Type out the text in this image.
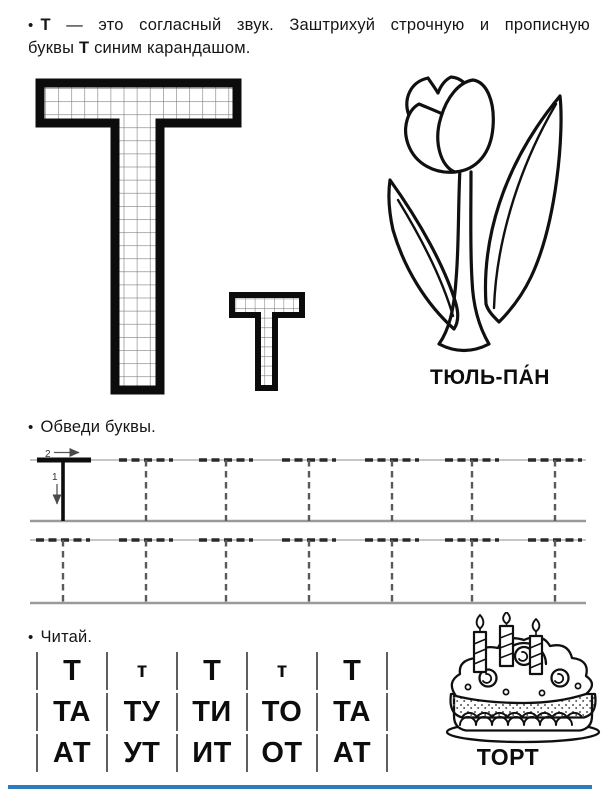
• Т — это согласный звук. Заштрихуй строчную и прописную
буквы Т синим карандашом.
ТЮЛЬ-ПА́Н
• Обведи буквы.
2
1
• Читай.
Т	т	Т	т	Т
ТА	ТУ	ТИ	ТО	ТА
АТ	УТ	ИТ	ОТ	АТ	ТОРТ
